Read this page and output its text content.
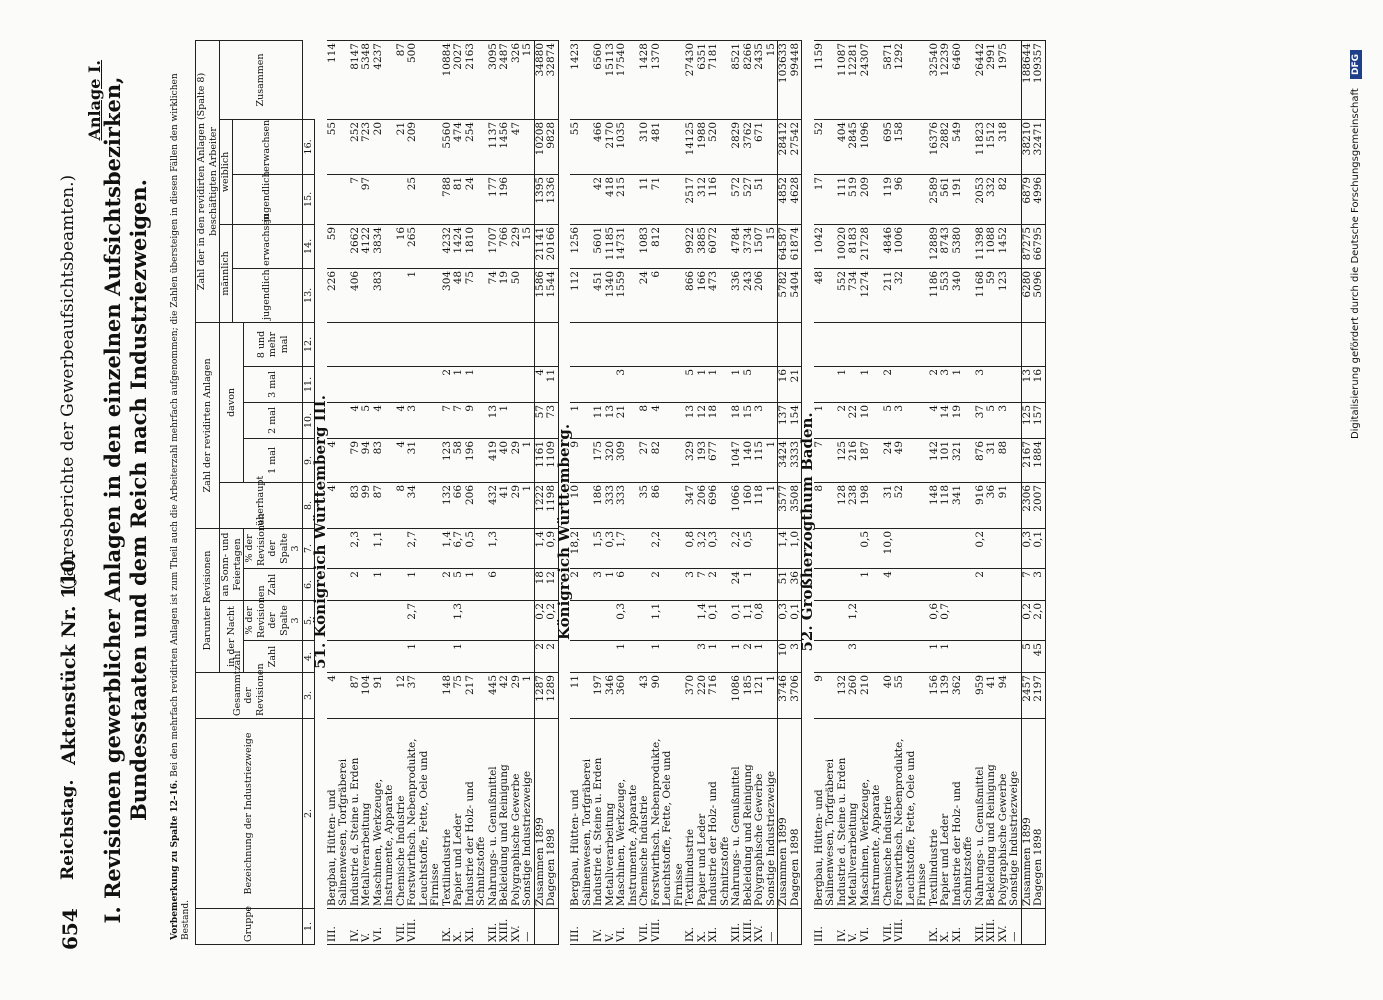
654
Reichstag.
Aktenstück Nr. 110.
(Jahresberichte der Gewerbeaufsichtsbeamten.)
Anlage I.
I. Revisionen gewerblicher Anlagen in den einzelnen Aufsichtsbezirken, Bundesstaaten und dem Reich nach Industriezweigen.
Vorbemerkung zu Spalte 12–16. Bei den mehrfach revidirten Anlagen ist zum Theil auch die Arbeiterzahl mehrfach aufgenommen; die Zahlen übersteigen in diesen Fällen den wirklichen Bestand.	Gruppe	Bezeichnung der Industriezweige	Gesammtzahl der Revisionen	Darunter Revisionen				Zahl der revidirten Anlagen					Zahl der in den revidirten Anlagen (Spalte 8) beschäftigten Arbeiter				
			in der Nacht		an Sonn- und Feiertagen		überhaupt	davon				männlich		weiblich		Zusammen
												jugendlich	erwachsen	jugendlich	erwachsen	
			Zahl	% der Revisionen der Spalte 3	Zahl	% der Revisionen der Spalte 3		1 mal	2 mal	3 mal	8 und mehr mal					
1.	2.	3.	4.	5.	6.	7.	8.	9.	10.	11.	12.	13.	14.	15.	16.	
51. Königreich Württemberg III.																
III.	Bergbau, Hütten- und Salinenwesen, Torfgräberei	4					4	4				226	59		55	114
IV.	Industrie d. Steine u. Erden	87			2	2,3	83	79	4			406	2662	7	252	8147
V.	Metallverarbeitung	104					99	94	5				4122	97	723	5348
VI.	Maschinen, Werkzeuge, Instrumente, Apparate	91			1	1,1	87	83	4			383	3834		20	4237
VII.	Chemische Industrie	12					8	4	4				16		21	87
VIII.	Forstwirthsch. Nebenprodukte, Leuchtstoffe, Fette, Oele und Firnisse	37	1	2,7	1	2,7	34	31	3			1	265	25	209	500
IX.	Textilindustrie	148			2	1,4	132	123	7	2		304	4232	788	5560	10884
X.	Papier und Leder	75	1	1,3	5	6,7	66	58	7	1		48	1424	81	474	2027
XI.	Industrie der Holz- und Schnitzstoffe	217			1	0,5	206	196	9	1		75	1810	24	254	2163
XII.	Nahrungs- u. Genußmittel	445			6	1,3	432	419	13			74	1707	177	1137	3095
XIII.	Bekleidung und Reinigung	42					41	40	1			19	766	196	1456	2487
XV.	Polygraphische Gewerbe	29					29	29				50	229		47	326
—	Sonstige Industriezweige	1					1	1					15			15
	Zusammen 1899	1287	2	0,2	18	1,4	1222	1161	57	4		1586	21141	1395	10208	34880
	Dagegen 1898	1289	2	0,2	12	0,9	1198	1109	73	11		1544	20166	1336	9828	32874
Königreich Württemberg.																
III.	Bergbau, Hütten- und Salinenwesen, Torfgräberei	11			2	18,2	10	9	1			112	1256		55	1423
IV.	Industrie d. Steine u. Erden	197			3	1,5	186	175	11			451	5601	42	466	6560
V.	Metallverarbeitung	346			1	0,3	333	320	13			1340	11185	418	2170	15113
VI.	Maschinen, Werkzeuge, Instrumente, Apparate	360	1	0,3	6	1,7	333	309	21	3		1559	14731	215	1035	17540
VII.	Chemische Industrie	43					35	27	8			24	1083	11	310	1428
VIII.	Forstwirthsch. Nebenprodukte, Leuchtstoffe, Fette, Oele und Firnisse	90	1	1,1	2	2,2	86	82	4			6	812	71	481	1370
IX.	Textilindustrie	370			3	0,8	347	329	13	5		866	9922	2517	14125	27430
X.	Papier und Leder	220	3	1,4	7	3,2	206	193	12	1		166	3885	312	1988	6351
XI.	Industrie der Holz- und Schnitzstoffe	716	1	0,1	2	0,3	696	677	18	1		473	6072	116	520	7181
XII.	Nahrungs- u. Genußmittel	1086	1	0,1	24	2,2	1066	1047	18	1		336	4784	572	2829	8521
XIII.	Bekleidung und Reinigung	185	2	1,1	1	0,5	160	140	15	5		243	3734	527	3762	8266
XV.	Polygraphische Gewerbe	121	1	0,8			118	115	3			206	1507	51	671	2435
—	Sonstige Industriezweige	1					1	1					15			15
	Zusammen 1899	3746	10	0,3	51	1,4	3577	3424	137	16		5782	64587	4852	28412	103633
	Dagegen 1898	3706	3	0,1	36	1,0	3508	3333	154	21		5404	61874	4628	27542	99448
52. Großherzogthum Baden.																
III.	Bergbau, Hütten- und Salinenwesen, Torfgräberei	9					8	7	1			48	1042	17	52	1159
IV.	Industrie d. Steine u. Erden	132					128	125	2	1		552	10020	111	404	11087
V.	Metallverarbeitung	260	3	1,2			238	216	22			734	8183	519	2845	12281
VI.	Maschinen, Werkzeuge, Instrumente, Apparate	210			1	0,5	198	187	10	1		1274	21728	209	1096	24307
VII.	Chemische Industrie	40			4	10,0	31	24	5	2		211	4846	119	695	5871
VIII.	Forstwirthsch. Nebenprodukte, Leuchtstoffe, Fette, Oele und Firnisse	55					52	49	3			32	1006	96	158	1292
IX.	Textilindustrie	156	1	0,6			148	142	4	2		1186	12889	2589	16376	32540
X.	Papier und Leder	139	1	0,7			118	101	14	3		553	8743	561	2882	12239
XI.	Industrie der Holz- und Schnitzstoffe	362					341	321	19	1		340	5380	191	549	6460
XII.	Nahrungs- u. Genußmittel	959			2	0,2	916	876	37	3		1168	11398	2053	11823	26442
XIII.	Bekleidung und Reinigung	41					36	31	5			59	1088	332	1512	2991
XV.	Polygraphische Gewerbe	94					91	88	3			123	1452	82	318	1975
—	Sonstige Industriezweige															
	Zusammen 1899	2457	5	0,2	7	0,3	2306	2167	125	13		6280	87275	6879	38210	188644
	Dagegen 1898	2197	45	2,0	3	0,1	2007	1884	157	16		5096	66795	4996	32471	109357
Digitalisierung gefördert durch die Deutsche Forschungsgemeinschaft DFG
